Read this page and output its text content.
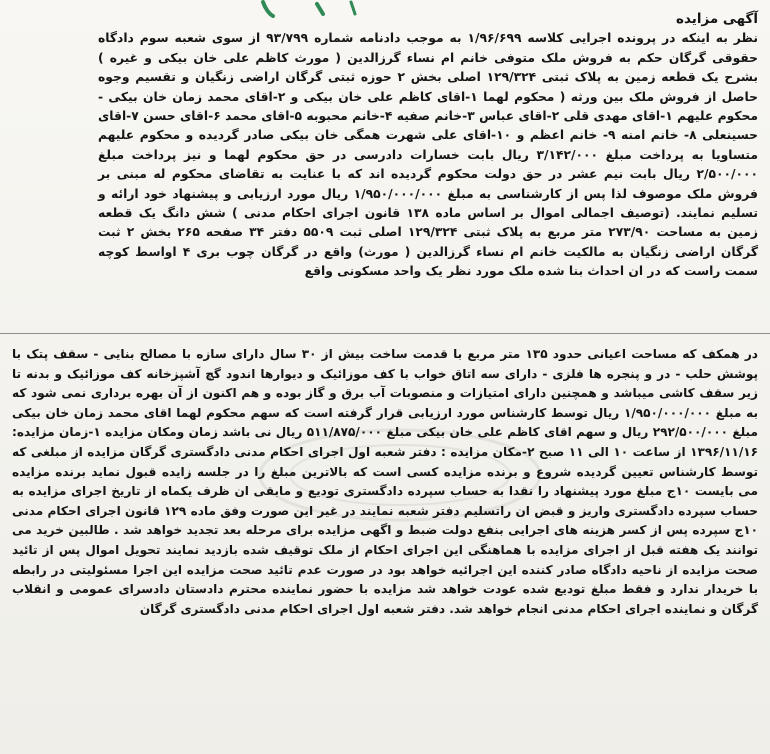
آگهی مزایده
نظر به اینکه در پرونده اجرایی کلاسه ۱/۹۶/۶۹۹ به موجب دادنامه شماره ۹۳/۷۹۹ از سوی شعبه سوم دادگاه حقوقی گرگان حکم به فروش ملک متوفی خانم ام نساء گرزالدین ( مورث کاظم علی خان بیکی و غیره ) بشرح یک قطعه زمین به پلاک ثبتی ۱۲۹/۳۲۴ اصلی بخش ۲ حوزه ثبتی گرگان اراضی زنگیان و تقسیم وجوه حاصل از فروش ملک بین ورثه ( محکوم لهما ۱-اقای کاظم علی خان بیکی و ۲-اقای محمد زمان خان بیکی - محکوم علیهم ۱-اقای مهدی قلی ۲-اقای عباس ۳-خانم صفیه ۴-خانم محبوبه ۵-اقای محمد ۶-اقای حسن ۷-اقای حسینعلی ۸- خانم امنه ۹- خانم اعظم و ۱۰-اقای علی شهرت همگی خان بیکی صادر گردیده و محکوم علیهم متساویا به پرداخت مبلغ ۳/۱۴۲/۰۰۰ ریال بابت خسارات دادرسی در حق محکوم لهما و نیز پرداخت مبلغ ۲/۵۰۰/۰۰۰ ریال بابت نیم عشر در حق دولت محکوم گردیده اند که با عنایت به تقاضای محکوم له مبنی بر فروش ملک موصوف لذا پس از کارشناسی به مبلغ ۱/۹۵۰/۰۰۰/۰۰۰ ریال مورد ارزیابی و پیشنهاد خود ارائه و تسلیم نمایند. (توصیف اجمالی اموال بر اساس ماده ۱۳۸ قانون اجرای احکام مدنی ) شش دانگ یک قطعه زمین به مساحت ۲۷۳/۹۰ متر مربع به پلاک ثبتی ۱۲۹/۳۲۴ اصلی ثبت ۵۵۰۹ دفتر ۳۴ صفحه ۲۶۵ بخش ۲ ثبت گرگان اراضی زنگیان به مالکیت خانم ام نساء گرزالدین ( مورث) واقع در گرگان چوب بری ۴ اواسط کوچه سمت راست که در ان احداث بنا شده ملک مورد نظر یک واحد مسکونی واقع
در همکف که مساحت اعیانی حدود ۱۳۵ متر مربع با قدمت ساخت بیش از ۳۰ سال دارای سازه با مصالح بنایی - سقف پتک با پوشش حلب - در و پنجره ها فلزی - دارای سه اتاق خواب با کف موزائیک و دیوارها اندود گچ آشپزخانه کف موزائیک و بدنه تا زیر سقف کاشی میباشد و همچنین دارای امتیازات و منصوبات آب برق و گاز بوده و هم اکنون از آن بهره برداری نمی شود که به مبلغ ۱/۹۵۰/۰۰۰/۰۰۰ ریال توسط کارشناس مورد ارزیابی قرار گرفته است که سهم محکوم لهما اقای محمد زمان خان بیکی مبلغ ۲۹۲/۵۰۰/۰۰۰ ریال و سهم اقای کاظم علی خان بیکی مبلغ ۵۱۱/۸۷۵/۰۰۰ ریال نی باشد زمان ومکان مزایده ۱-زمان مزایده: ۱۳۹۶/۱۱/۱۶ از ساعت ۱۰ الی ۱۱ صبح ۲-مکان مزایده : دفتر شعبه اول اجرای احکام مدنی دادگستری گرگان مزایده از مبلغی که توسط کارشناس تعیین گردیده شروع و برنده مزایده کسی است که بالاترین مبلغ را در جلسه زایده قبول نماید برنده مزایده می بایست ۱۰ج مبلغ مورد پیشنهاد را نقدا به حساب سپرده دادگستری تودیع و مابقی ان ظرف یکماه از تاریخ اجرای مزایده به حساب سپرده دادگستری واریز و قبض ان راتسلیم دفتر شعبه نمایند در غیر این صورت وفق ماده ۱۲۹ قانون اجرای احکام مدنی ۱۰ج سپرده پس از کسر هزینه های اجرایی بنفع دولت ضبط و اگهی مزایده برای مرحله بعد تجدید خواهد شد . طالبین خرید می توانند یک هفته قبل از اجرای مزایده با هماهنگی این اجرای احکام از ملک توقیف شده بازدید نمایند تحویل اموال پس از تائید صحت مزایده از ناحیه دادگاه صادر کننده این اجرائیه خواهد بود در صورت عدم تائید صحت مزایده این اجرا مسئولیتی در رابطه با خریدار ندارد و فقط مبلغ تودیع شده عودت خواهد شد مزایده با حضور نماینده محترم دادستان دادسرای عمومی و انقلاب گرگان و نماینده اجرای احکام مدنی انجام خواهد شد. دفتر شعبه اول اجرای احکام مدنی دادگستری گرگان
